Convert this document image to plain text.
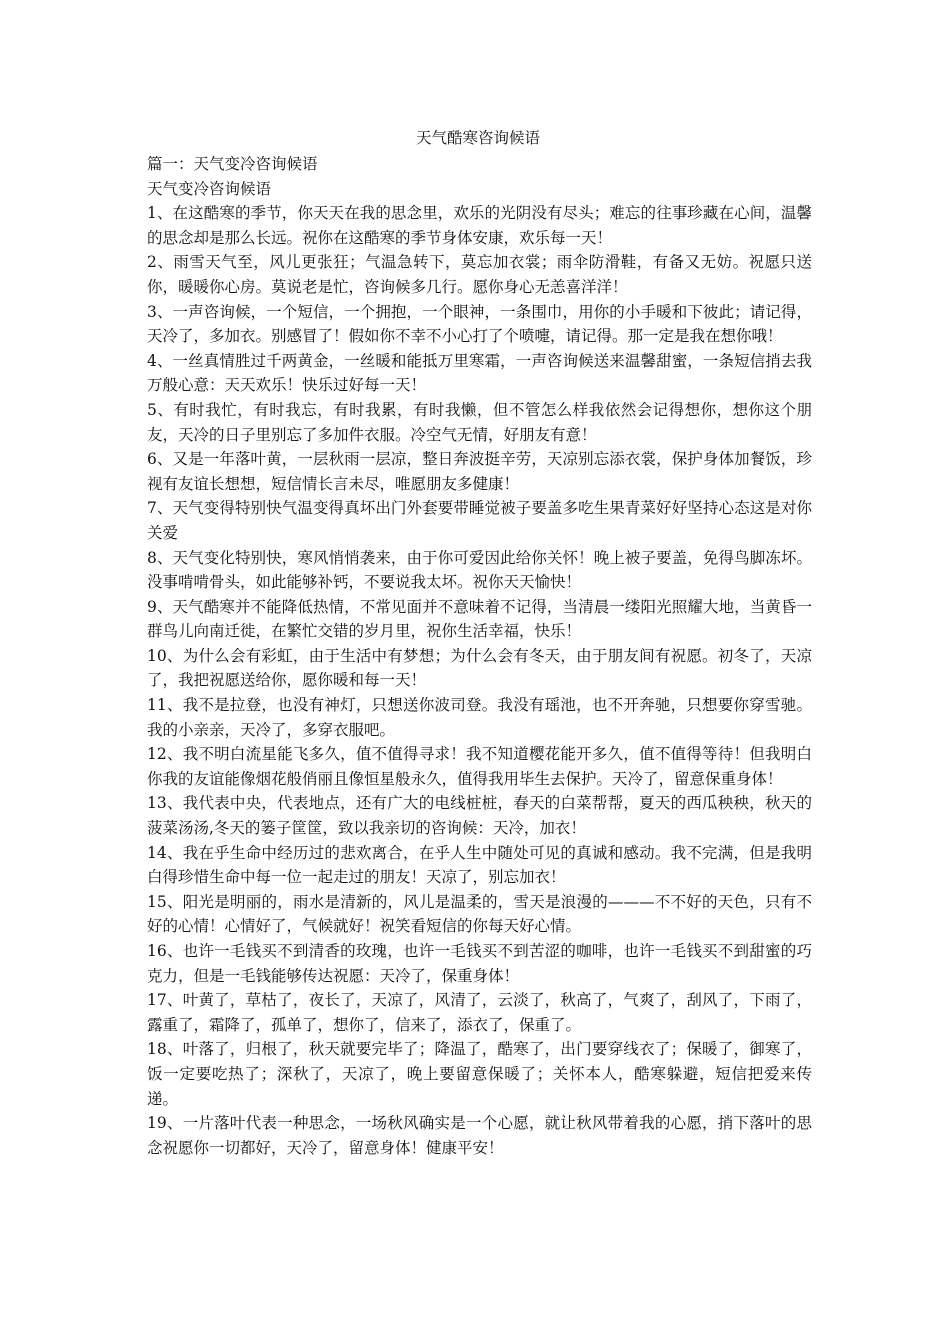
天气酷寒咨询候语

篇一：天气变冷咨询候语

天气变冷咨询候语

1、在这酷寒的季节，你天天在我的思念里，欢乐的光阴没有尽头；难忘的往事珍藏在心间，温馨的思念却是那么长远。祝你在这酷寒的季节身体安康，欢乐每一天！

2、雨雪天气至，风儿更张狂；气温急转下，莫忘加衣裳；雨伞防滑鞋，有备又无妨。祝愿只送你，暖暖你心房。莫说老是忙，咨询候多几行。愿你身心无恙喜洋洋！

3、一声咨询候，一个短信，一个拥抱，一个眼神，一条围巾，用你的小手暖和下彼此；请记得，天冷了，多加衣。别感冒了！假如你不幸不小心打了个喷嚏，请记得。那一定是我在想你哦！

4、一丝真情胜过千两黄金，一丝暖和能抵万里寒霜，一声咨询候送来温馨甜蜜，一条短信捎去我万般心意：天天欢乐！快乐过好每一天！

5、有时我忙，有时我忘，有时我累，有时我懒，但不管怎么样我依然会记得想你，想你这个朋友，天冷的日子里别忘了多加件衣服。冷空气无情，好朋友有意！

6、又是一年落叶黄，一层秋雨一层凉，整日奔波挺辛劳，天凉别忘添衣裳，保护身体加餐饭，珍视有友谊长想想，短信情长言未尽，唯愿朋友多健康！

7、天气变得特别快气温变得真坏出门外套要带睡觉被子要盖多吃生果青菜好好坚持心态这是对你关爱

8、天气变化特别快，寒风悄悄袭来，由于你可爱因此给你关怀！晚上被子要盖，免得鸟脚冻坏。没事啃啃骨头，如此能够补钙，不要说我太坏。祝你天天愉快！

9、天气酷寒并不能降低热情，不常见面并不意味着不记得，当清晨一缕阳光照耀大地，当黄昏一群鸟儿向南迁徙，在繁忙交错的岁月里，祝你生活幸福，快乐！

10、为什么会有彩虹，由于生活中有梦想；为什么会有冬天，由于朋友间有祝愿。初冬了，天凉了，我把祝愿送给你，愿你暖和每一天！

11、我不是拉登，也没有神灯，只想送你波司登。我没有瑶池，也不开奔驰，只想要你穿雪驰。我的小亲亲，天冷了，多穿衣服吧。

12、我不明白流星能飞多久，值不值得寻求！我不知道樱花能开多久，值不值得等待！但我明白你我的友谊能像烟花般俏丽且像恒星般永久，值得我用毕生去保护。天冷了，留意保重身体！

13、我代表中央，代表地点，还有广大的电线桩桩，春天的白菜帮帮，夏天的西瓜秧秧，秋天的菠菜汤汤,冬天的篓子筐筐，致以我亲切的咨询候：天冷，加衣！

14、我在乎生命中经历过的悲欢离合，在乎人生中随处可见的真诚和感动。我不完满，但是我明白得珍惜生命中每一位一起走过的朋友！天凉了，别忘加衣！

15、阳光是明丽的，雨水是清新的，风儿是温柔的，雪天是浪漫的———不不好的天色，只有不好的心情！心情好了，气候就好！祝笑看短信的你每天好心情。

16、也许一毛钱买不到清香的玫瑰，也许一毛钱买不到苦涩的咖啡，也许一毛钱买不到甜蜜的巧克力，但是一毛钱能够传达祝愿：天冷了，保重身体！

17、叶黄了，草枯了，夜长了，天凉了，风清了，云淡了，秋高了，气爽了，刮风了，下雨了，露重了，霜降了，孤单了，想你了，信来了，添衣了，保重了。

18、叶落了，归根了，秋天就要完毕了；降温了，酷寒了，出门要穿线衣了；保暖了，御寒了，饭一定要吃热了；深秋了，天凉了，晚上要留意保暖了；关怀本人，酷寒躲避，短信把爱来传递。

19、一片落叶代表一种思念，一场秋风确实是一个心愿，就让秋风带着我的心愿，捎下落叶的思念祝愿你一切都好，天冷了，留意身体！健康平安！
